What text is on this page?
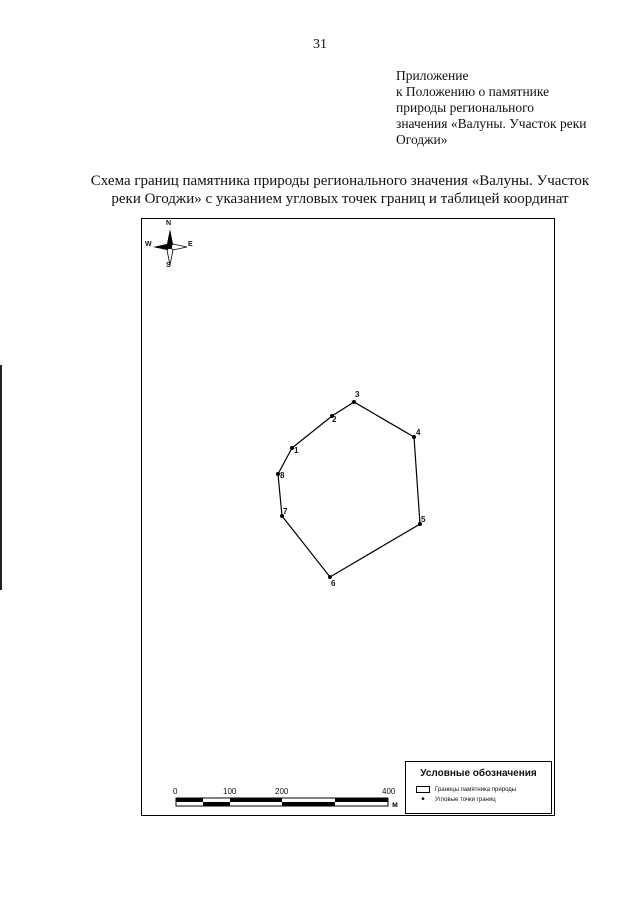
31
Приложение
к Положению о памятнике
природы регионального
значения «Валуны. Участок реки
Огоджи»
Схема границ памятника природы регионального значения «Валуны. Участок
реки Огоджи» с указанием угловых точек границ и таблицей координат
N
S
W	E
1
2
3
4
5
6
7
8
0	100	200	400
м
Условные обозначения
Границы памятника природы
•	Угловые точки границ
